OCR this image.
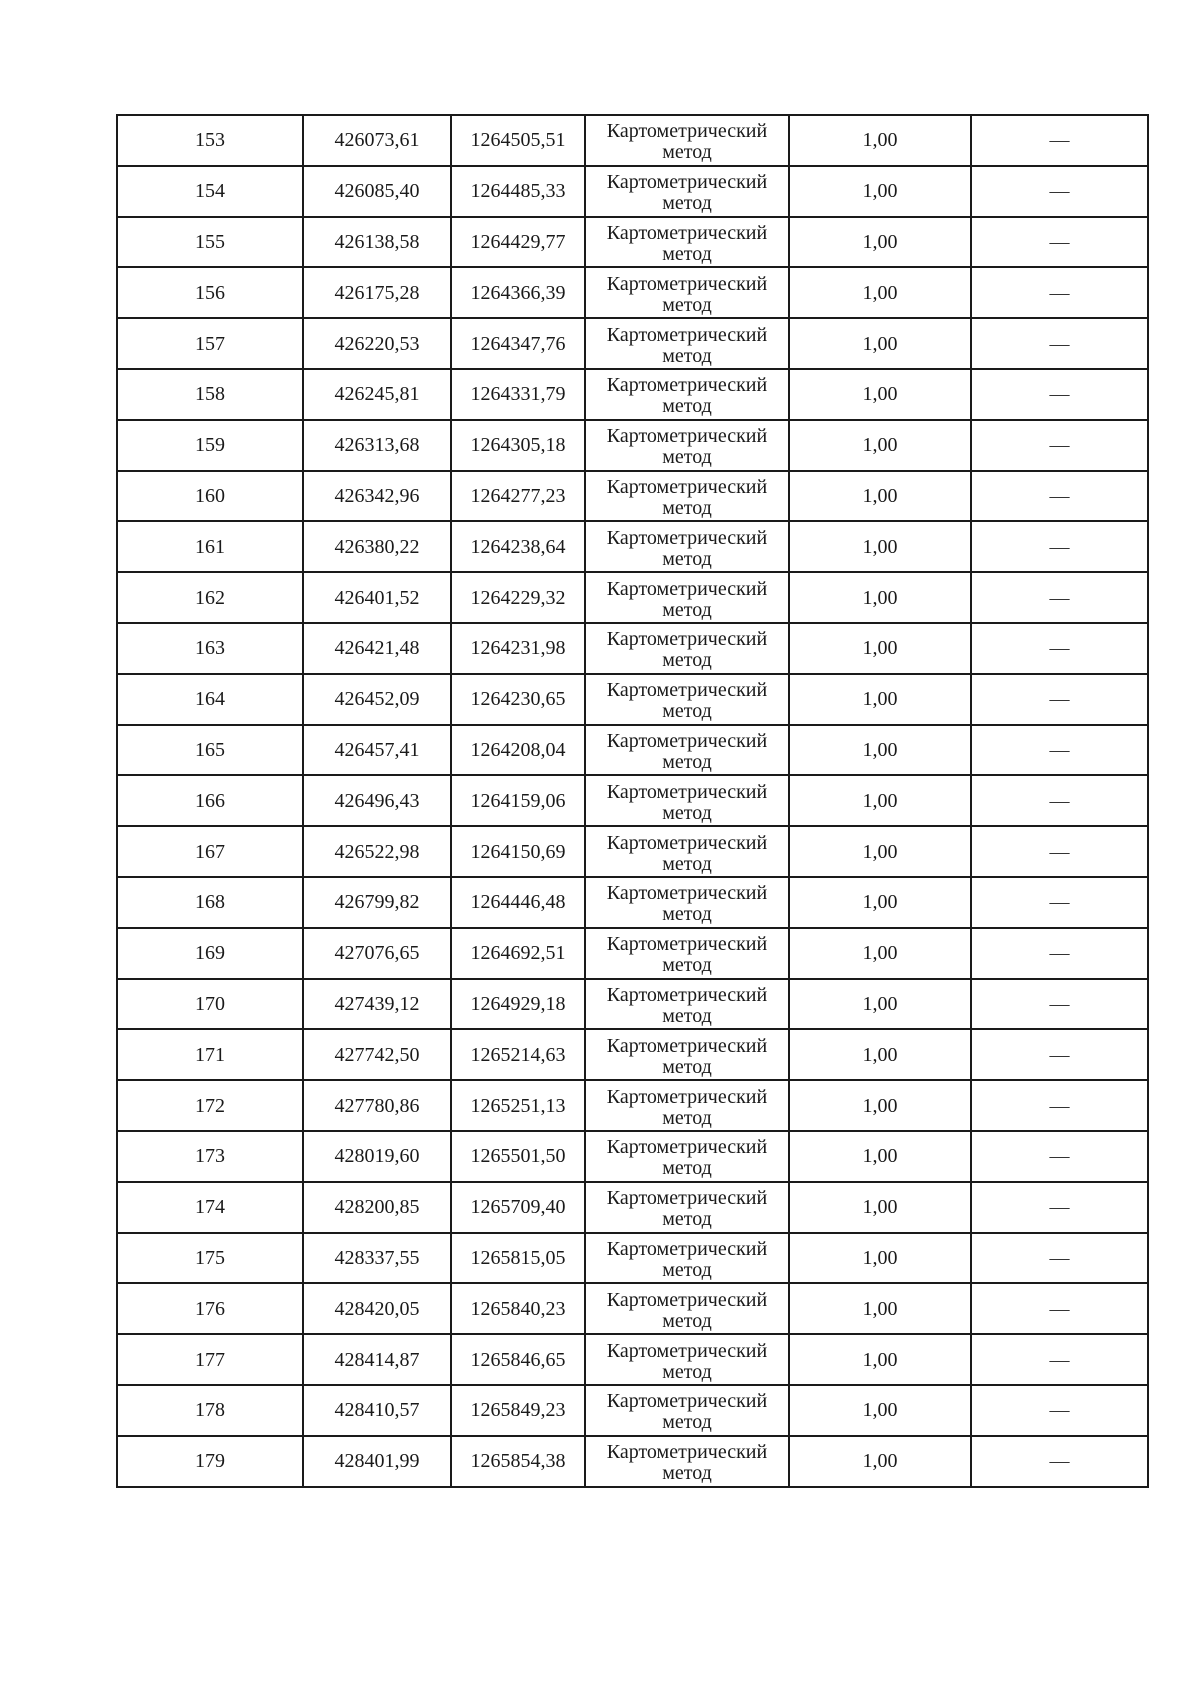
153	426073,61	1264505,51	Картометрический метод	1,00	—
154	426085,40	1264485,33	Картометрический метод	1,00	—
155	426138,58	1264429,77	Картометрический метод	1,00	—
156	426175,28	1264366,39	Картометрический метод	1,00	—
157	426220,53	1264347,76	Картометрический метод	1,00	—
158	426245,81	1264331,79	Картометрический метод	1,00	—
159	426313,68	1264305,18	Картометрический метод	1,00	—
160	426342,96	1264277,23	Картометрический метод	1,00	—
161	426380,22	1264238,64	Картометрический метод	1,00	—
162	426401,52	1264229,32	Картометрический метод	1,00	—
163	426421,48	1264231,98	Картометрический метод	1,00	—
164	426452,09	1264230,65	Картометрический метод	1,00	—
165	426457,41	1264208,04	Картометрический метод	1,00	—
166	426496,43	1264159,06	Картометрический метод	1,00	—
167	426522,98	1264150,69	Картометрический метод	1,00	—
168	426799,82	1264446,48	Картометрический метод	1,00	—
169	427076,65	1264692,51	Картометрический метод	1,00	—
170	427439,12	1264929,18	Картометрический метод	1,00	—
171	427742,50	1265214,63	Картометрический метод	1,00	—
172	427780,86	1265251,13	Картометрический метод	1,00	—
173	428019,60	1265501,50	Картометрический метод	1,00	—
174	428200,85	1265709,40	Картометрический метод	1,00	—
175	428337,55	1265815,05	Картометрический метод	1,00	—
176	428420,05	1265840,23	Картометрический метод	1,00	—
177	428414,87	1265846,65	Картометрический метод	1,00	—
178	428410,57	1265849,23	Картометрический метод	1,00	—
179	428401,99	1265854,38	Картометрический метод	1,00	—
